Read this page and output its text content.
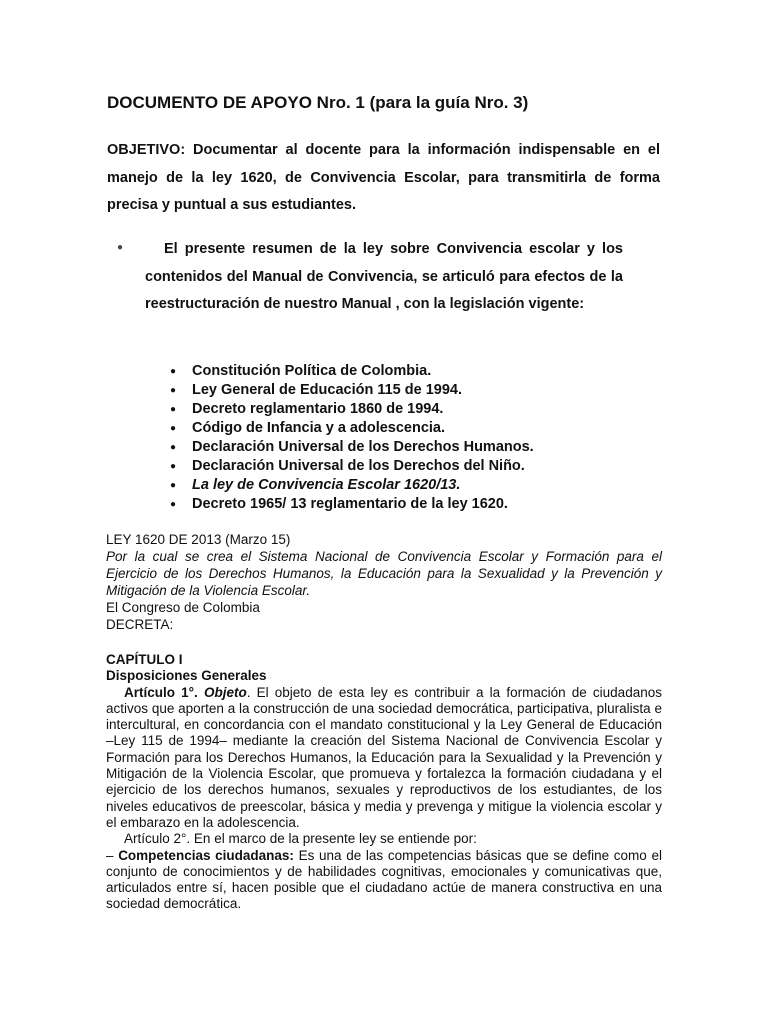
DOCUMENTO DE APOYO Nro. 1 (para la guía Nro. 3)

OBJETIVO: Documentar al docente para la información indispensable en el manejo de la ley 1620, de Convivencia Escolar, para transmitirla de forma precisa y puntual a sus estudiantes.

●	El presente resumen de la ley sobre Convivencia escolar y los contenidos del Manual de Convivencia, se articuló para efectos de la reestructuración de nuestro Manual , con la legislación vigente:

● Constitución Política de Colombia.
● Ley General de Educación 115 de 1994.
● Decreto reglamentario 1860 de 1994.
● Código de Infancia y a adolescencia.
● Declaración Universal de los Derechos Humanos.
● Declaración Universal de los Derechos del Niño.
● La ley de Convivencia Escolar 1620/13.
● Decreto 1965/ 13 reglamentario de la ley 1620.

LEY 1620 DE 2013 (Marzo 15)

Por la cual se crea el Sistema Nacional de Convivencia Escolar y Formación para el Ejercicio de los Derechos Humanos, la Educación para la Sexualidad y la Prevención y Mitigación de la Violencia Escolar.

El Congreso de Colombia

DECRETA:

CAPÍTULO I

Disposiciones Generales

Artículo 1°. Objeto. El objeto de esta ley es contribuir a la formación de ciudadanos activos que aporten a la construcción de una sociedad democrática, participativa, pluralista e intercultural, en concordancia con el mandato constitucional y la Ley General de Educación –Ley 115 de 1994– mediante la creación del Sistema Nacional de Convivencia Escolar y Formación para los Derechos Humanos, la Educación para la Sexualidad y la Prevención y Mitigación de la Violencia Escolar, que promueva y fortalezca la formación ciudadana y el ejercicio de los derechos humanos, sexuales y reproductivos de los estudiantes, de los niveles educativos de preescolar, básica y media y prevenga y mitigue la violencia escolar y el embarazo en la adolescencia.

Artículo 2°. En el marco de la presente ley se entiende por:

– Competencias ciudadanas: Es una de las competencias básicas que se define como el conjunto de conocimientos y de habilidades cognitivas, emocionales y comunicativas que, articulados entre sí, hacen posible que el ciudadano actúe de manera constructiva en una sociedad democrática.
